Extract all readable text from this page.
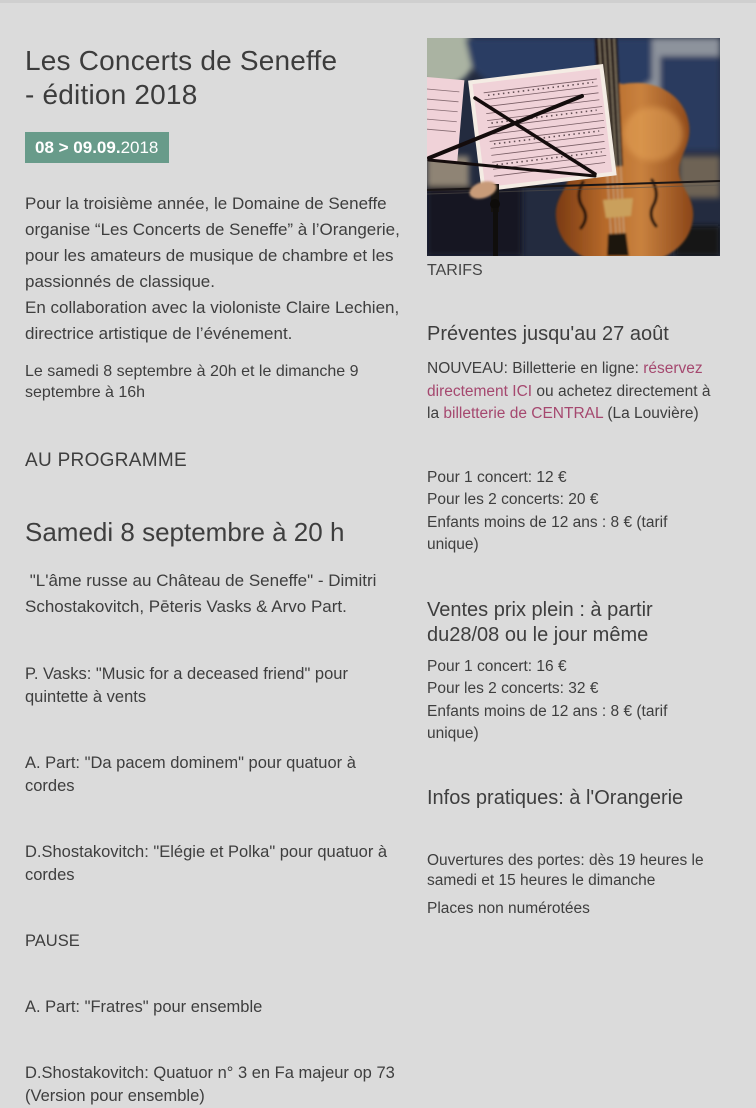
Les Concerts de Seneffe
- édition 2018
08 > 09.09.2018

Pour la troisième année, le Domaine de Seneffe organise “Les Concerts de Seneffe” à l’Orangerie, pour les amateurs de musique de chambre et les passionnés de classique.
En collaboration avec la violoniste Claire Lechien, directrice artistique de l’événement.

Le samedi 8 septembre à 20h et le dimanche 9 septembre à 16h

AU PROGRAMME

Samedi 8 septembre à 20 h

"L'âme russe au Château de Seneffe" - Dimitri Schostakovitch, Pēteris Vasks & Arvo Part.

P. Vasks: "Music for a deceased friend" pour quintette à vents

A. Part: "Da pacem dominem" pour quatuor à cordes

D.Shostakovitch: "Elégie et Polka" pour quatuor à cordes

PAUSE

A. Part: "Fratres" pour ensemble

D.Shostakovitch: Quatuor n° 3 en Fa majeur op 73 (Version pour ensemble)

TARIFS
Préventes jusqu'au 27 août

NOUVEAU: Billetterie en ligne: réservez directement ICI ou achetez directement à la billetterie de CENTRAL (La Louvière)

Pour 1 concert: 12 €
Pour les 2 concerts: 20 €
Enfants moins de 12 ans : 8 € (tarif unique)
Ventes prix plein : à partir du28/08 ou le jour même
Pour 1 concert: 16 €
Pour les 2 concerts: 32 €
Enfants moins de 12 ans : 8 € (tarif unique)
Infos pratiques: à l'Orangerie

Ouvertures des portes: dès 19 heures le samedi et 15 heures le dimanche

Places non numérotées
